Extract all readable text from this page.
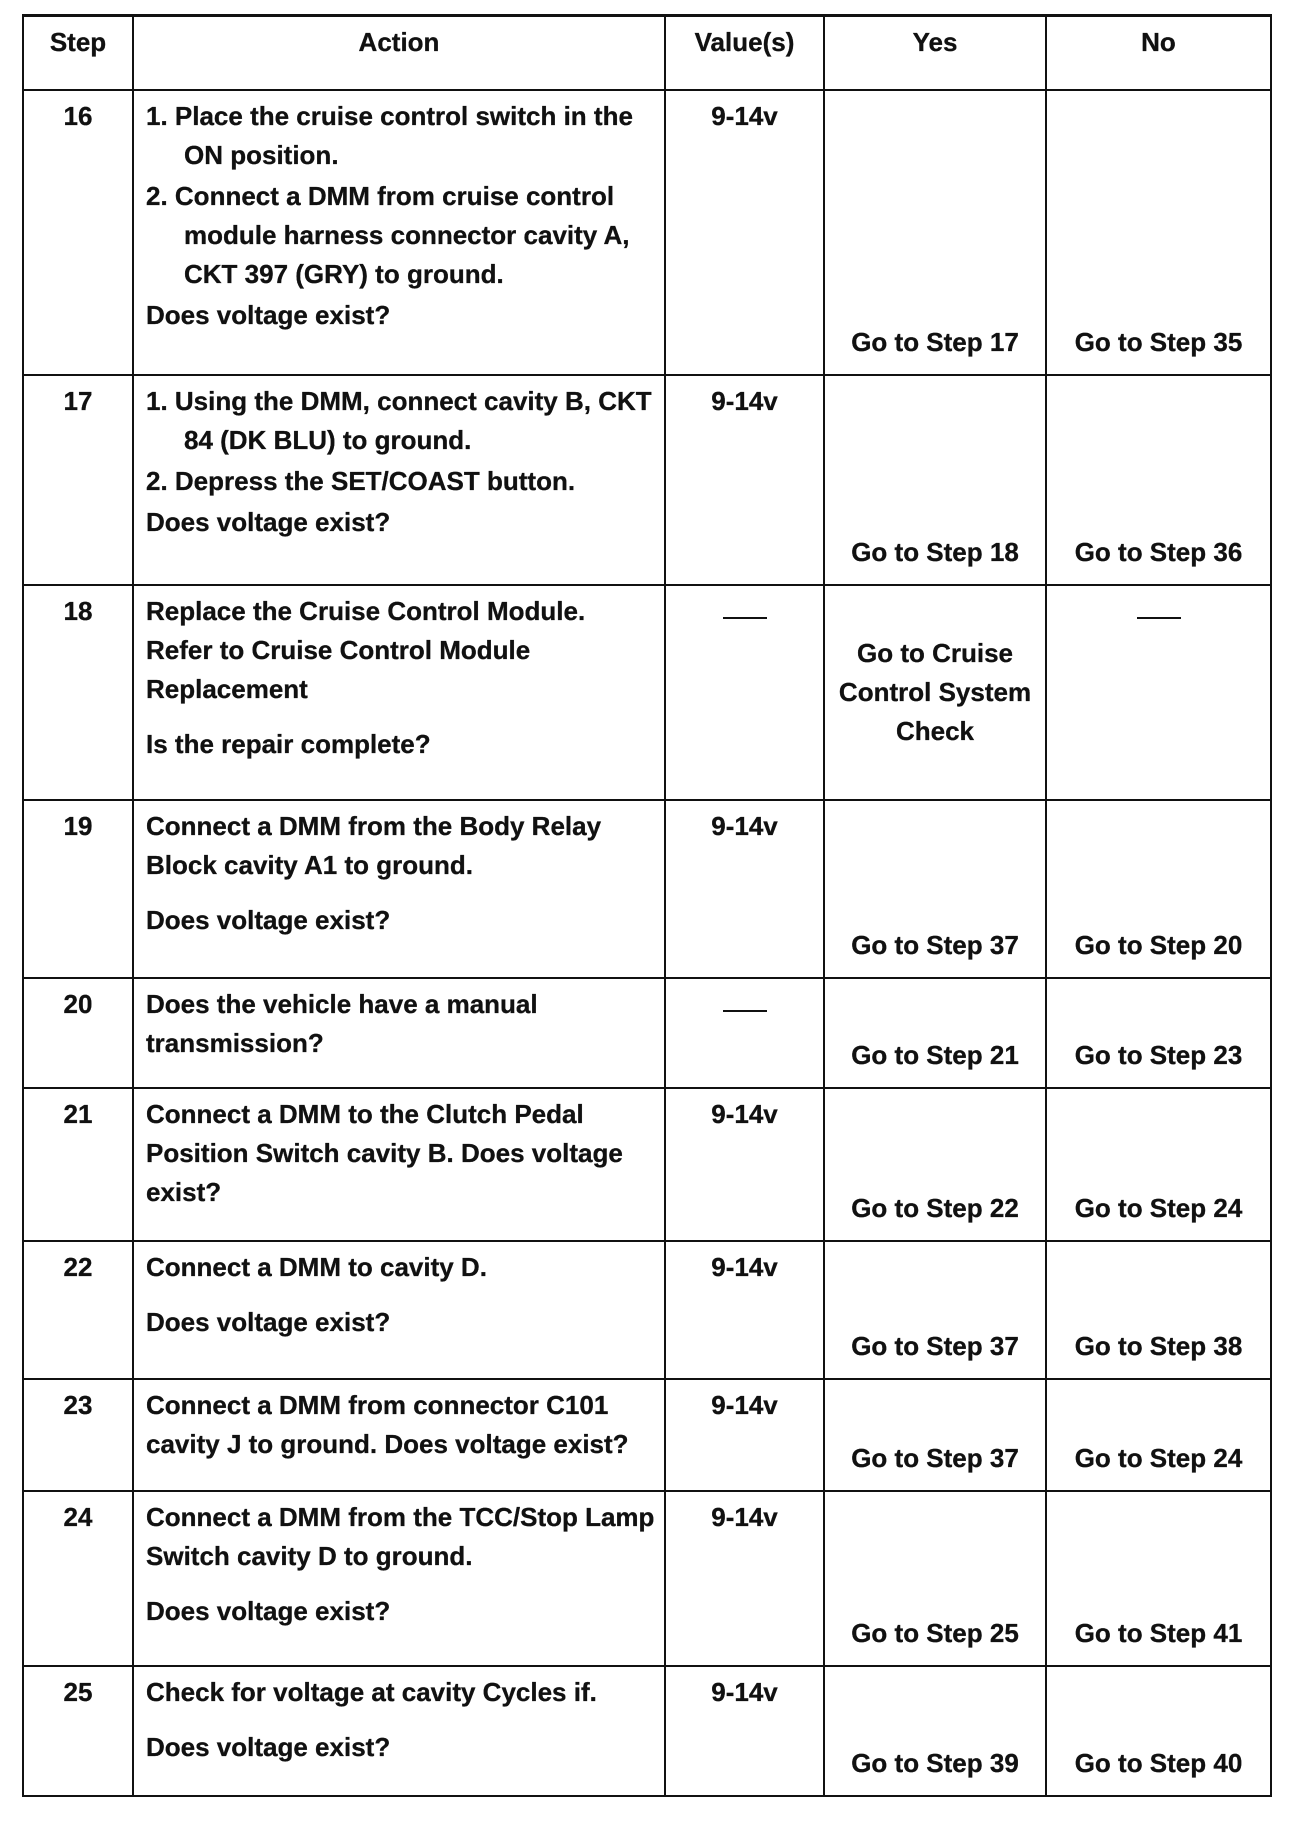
Step	Action	Value(s)	Yes	No
16	1. Place the cruise control switch in the ON position.
2. Connect a DMM from cruise control module harness connector cavity A, CKT 397 (GRY) to ground.
Does voltage exist?	9-14v	Go to Step 17	Go to Step 35
17	1. Using the DMM, connect cavity B, CKT 84 (DK BLU) to ground.
2. Depress the SET/COAST button.
Does voltage exist?	9-14v	Go to Step 18	Go to Step 36
18	Replace the Cruise Control Module.
Refer to Cruise Control Module Replacement
Is the repair complete?		Go to Cruise Control System Check	
19	Connect a DMM from the Body Relay Block cavity A1 to ground.
Does voltage exist?	9-14v	Go to Step 37	Go to Step 20
20	Does the vehicle have a manual transmission?		Go to Step 21	Go to Step 23
21	Connect a DMM to the Clutch Pedal Position Switch cavity B. Does voltage exist?	9-14v	Go to Step 22	Go to Step 24
22	Connect a DMM to cavity D.
Does voltage exist?	9-14v	Go to Step 37	Go to Step 38
23	Connect a DMM from connector C101 cavity J to ground. Does voltage exist?	9-14v	Go to Step 37	Go to Step 24
24	Connect a DMM from the TCC/Stop Lamp Switch cavity D to ground.
Does voltage exist?	9-14v	Go to Step 25	Go to Step 41
25	Check for voltage at cavity Cycles if.
Does voltage exist?	9-14v	Go to Step 39	Go to Step 40
